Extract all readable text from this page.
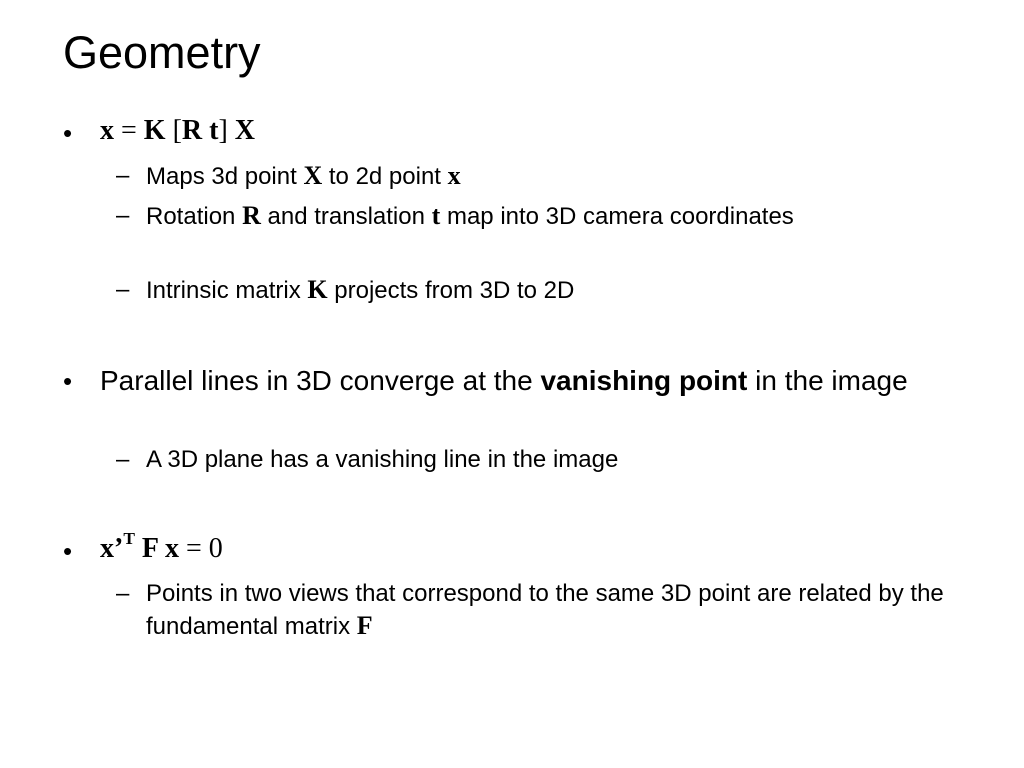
Geometry
• x = K [R t] X
– Maps 3d point X to 2d point x
– Rotation R and translation t map into 3D camera coordinates
– Intrinsic matrix K projects from 3D to 2D
• Parallel lines in 3D converge at the vanishing point in the image
– A 3D plane has a vanishing line in the image
• x’$^T$ F x = 0
– Points in two views that correspond to the same 3D point are related by the fundamental matrix F
